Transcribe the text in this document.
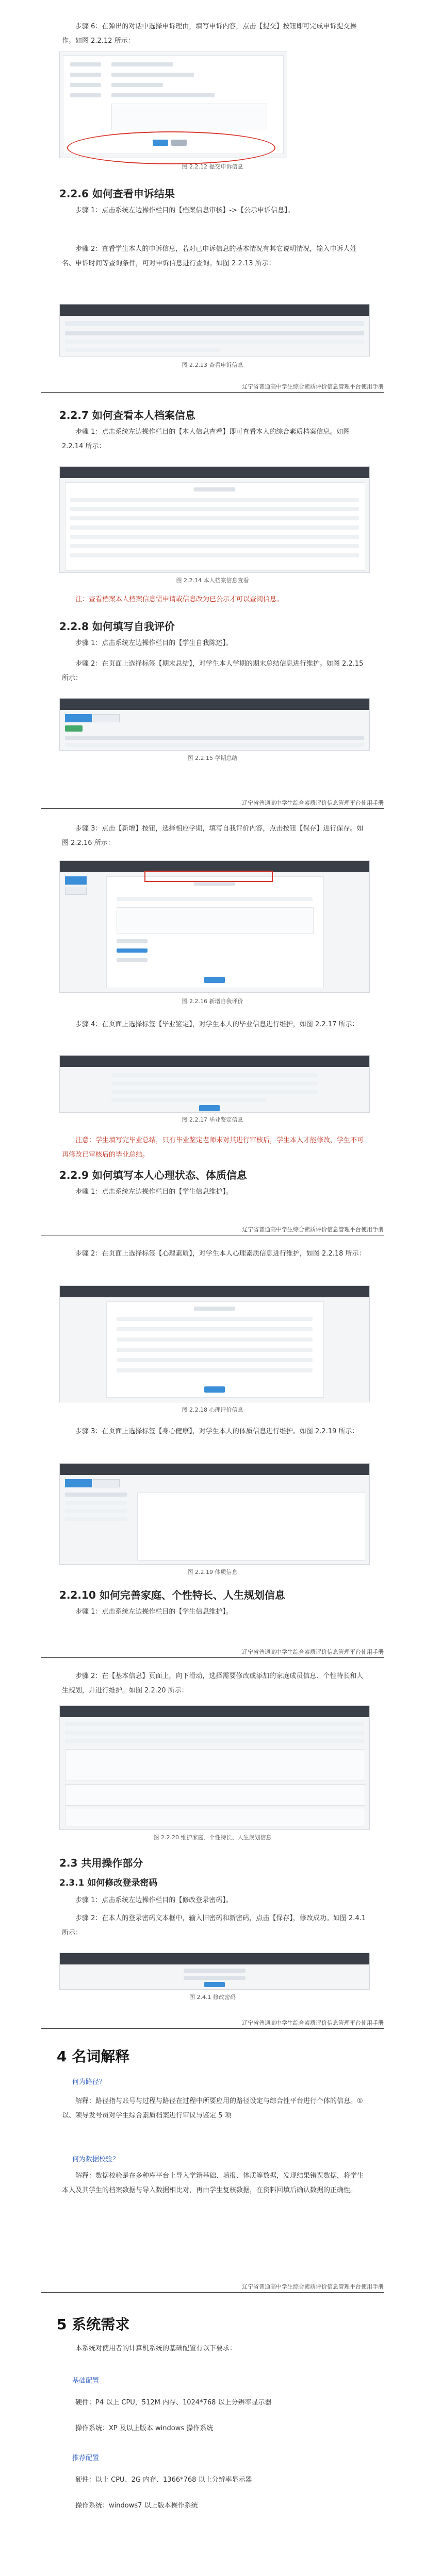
步骤 6：在弹出的对话中选择申诉理由，填写申诉内容，点击【提交】按钮即可完成申诉提交操作。如图 2.2.12 所示：
图 2.2.12 提交申诉信息
2.2.6 如何查看申诉结果
步骤 1：点击系统左边操作栏目的【档案信息审核】->【公示申诉信息】。
步骤 2：查看学生本人的申诉信息，若对已申诉信息的基本情况有其它说明情况，输入申诉人姓名、申诉时间等查询条件，可对申诉信息进行查询。如图 2.2.13 所示：
图 2.2.13 查看申诉信息
辽宁省普通高中学生综合素质评价信息管理平台使用手册
2.2.7 如何查看本人档案信息
步骤 1：点击系统左边操作栏目的【本人信息查看】即可查看本人的综合素质档案信息。如图 2.2.14 所示：
图 2.2.14 本人档案信息查看
注：查看档案本人档案信息需申请或信息改为已公示才可以查阅信息。
2.2.8 如何填写自我评价
步骤 1：点击系统左边操作栏目的【学生自我陈述】。
步骤 2：在页面上选择标签【期末总结】，对学生本人学期的期末总结信息进行维护。如图 2.2.15 所示：
图 2.2.15 学期总结
辽宁省普通高中学生综合素质评价信息管理平台使用手册
步骤 3：点击【新增】按钮，选择相应学期，填写自我评价内容，点击按钮【保存】进行保存。如图 2.2.16 所示：
图 2.2.16 新增自我评价
步骤 4：在页面上选择标签【毕业鉴定】，对学生本人的毕业信息进行维护，如图 2.2.17 所示：
图 2.2.17 毕业鉴定信息
注意：学生填写完毕业总结，只有毕业鉴定老师未对其进行审核后，学生本人才能修改，学生不可再修改已审核后的毕业总结。
2.2.9 如何填写本人心理状态、体质信息
步骤 1：点击系统左边操作栏目的【学生信息维护】。
辽宁省普通高中学生综合素质评价信息管理平台使用手册
步骤 2：在页面上选择标签【心理素质】，对学生本人心理素质信息进行维护，如图 2.2.18 所示：
图 2.2.18 心理评价信息
步骤 3：在页面上选择标签【身心健康】，对学生本人的体质信息进行维护。如图 2.2.19 所示：
图 2.2.19 体质信息
2.2.10 如何完善家庭、个性特长、人生规划信息
步骤 1：点击系统左边操作栏目的【学生信息维护】。
辽宁省普通高中学生综合素质评价信息管理平台使用手册
步骤 2：在【基本信息】页面上，向下滑动，选择需要修改或添加的家庭成员信息、个性特长和人生规划，并进行维护。如图 2.2.20 所示：
图 2.2.20 维护家庭、个性特长、人生规划信息
2.3 共用操作部分
2.3.1 如何修改登录密码
步骤 1：点击系统左边操作栏目的【修改登录密码】。
步骤 2：在本人的登录密码文本框中，输入旧密码和新密码，点击【保存】，修改成功。如图 2.4.1 所示：
图 2.4.1 修改密码
辽宁省普通高中学生综合素质评价信息管理平台使用手册
4 名词解释
何为路径？
解释：路径指与账号与过程与路径在过程中所要应用的路径设定与综合性平台进行个体的信息。①以、领导发号员对学生综合素质档案进行审议与鉴定 5 项
何为数据校验？
解释：数据校验是在多种库平台上导入学籍基础、填报、体质等数据，发现结果错误数据，将学生本人及其学生的档案数据与导入数据相比对，再由学生复核数据，在资料回填后确认数据的正确性。
辽宁省普通高中学生综合素质评价信息管理平台使用手册
5 系统需求
本系统对使用者的计算机系统的基础配置有以下要求：
基础配置
硬件：P4 以上 CPU，512M 内存、1024*768 以上分辨率显示器
操作系统：XP 及以上版本 windows 操作系统
推荐配置
硬件：以上 CPU、2G 内存、1366*768 以上分辨率显示器
操作系统：windows7 以上版本操作系统
